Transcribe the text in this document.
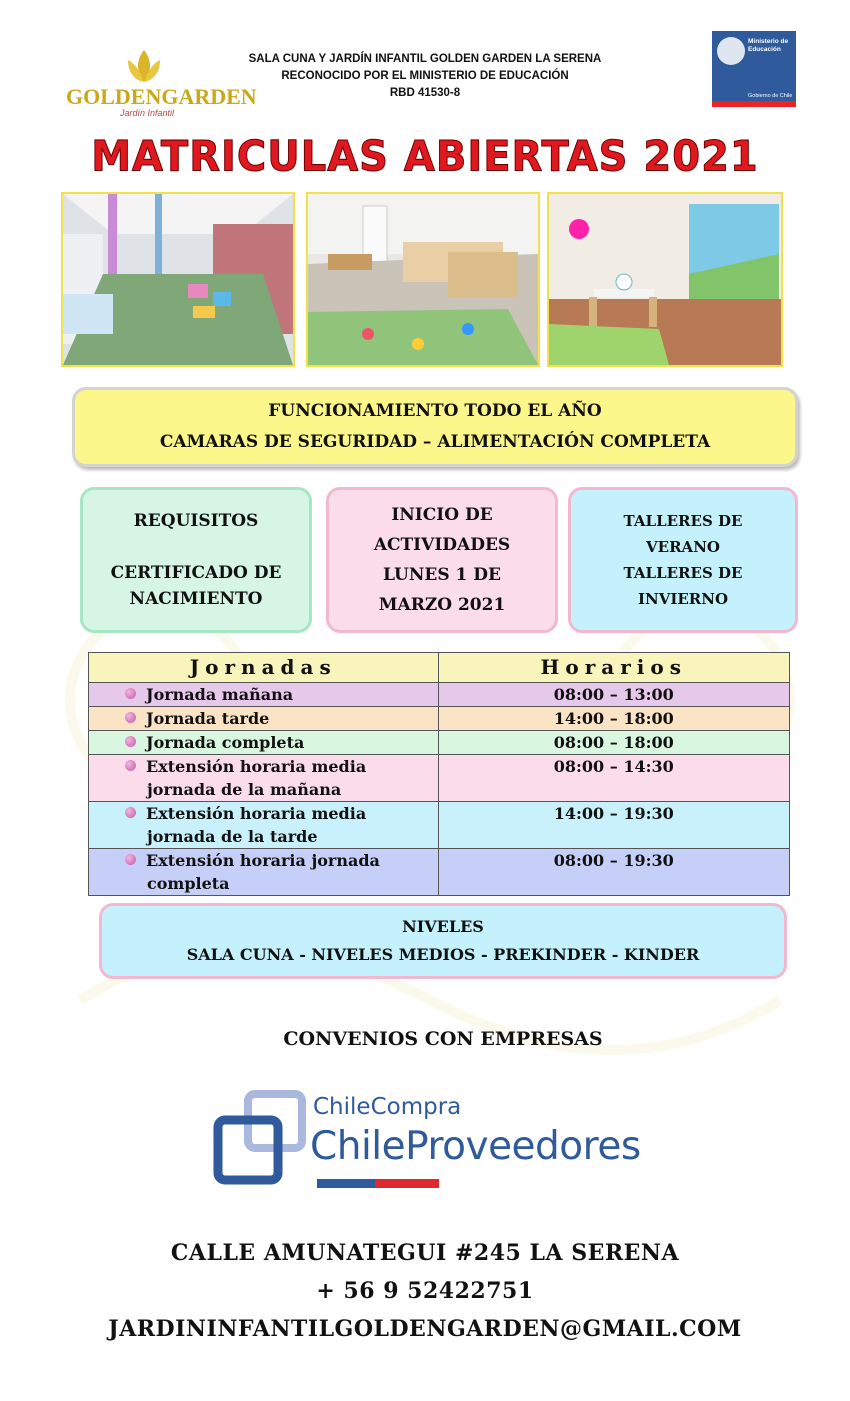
GOLDENGARDEN
Jardín Infantil
SALA CUNA Y JARDÍN INFANTIL GOLDEN GARDEN LA SERENA
RECONOCIDO POR EL MINISTERIO DE EDUCACIÓN
RBD 41530-8
Ministerio de
Educación
Gobierno de Chile
MATRICULAS ABIERTAS 2021
FUNCIONAMIENTO TODO EL AÑO
CAMARAS DE SEGURIDAD – ALIMENTACIÓN COMPLETA
REQUISITOS
CERTIFICADO DE
NACIMIENTO
INICIO DE
ACTIVIDADES
LUNES 1 DE
MARZO 2021
TALLERES DE
VERANO
TALLERES DE
INVIERNO
Jornadas	Horarios
Jornada mañana	08:00 – 13:00
Jornada tarde	14:00 – 18:00
Jornada completa	08:00 – 18:00
Extensión horaria media
jornada de la mañana	08:00 – 14:30
Extensión horaria media
jornada de la tarde	14:00 – 19:30
Extensión horaria jornada
completa	08:00 – 19:30
NIVELES
SALA CUNA - NIVELES MEDIOS - PREKINDER - KINDER
CONVENIOS CON EMPRESAS
ChileCompra
ChileProveedores
CALLE AMUNATEGUI #245 LA SERENA
+ 56 9 52422751
JARDININFANTILGOLDENGARDEN@GMAIL.COM
